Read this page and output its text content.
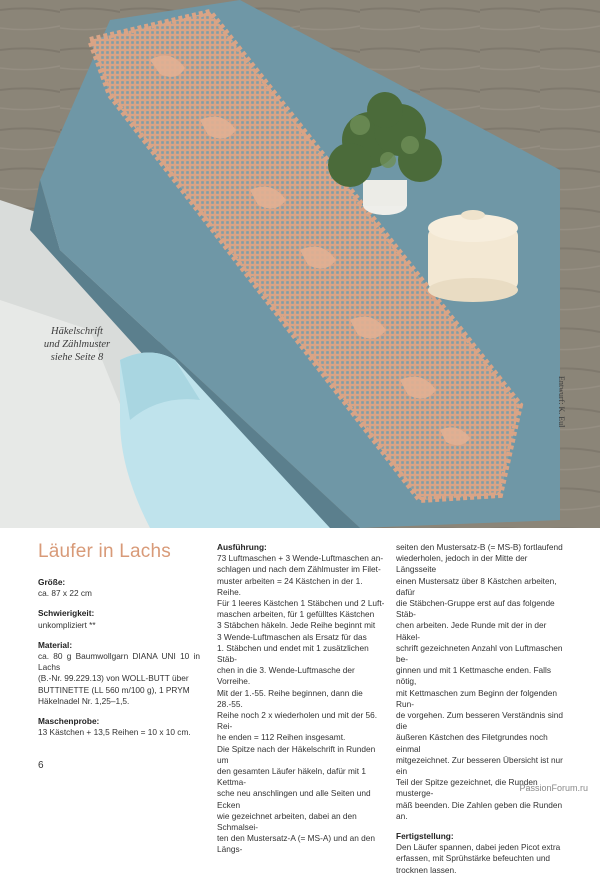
Häkelschrift
und Zählmuster
siehe Seite 8
Entwurf: K. Eul
Läufer in Lachs

Größe:

ca. 87 x 22 cm

Schwierigkeit:

unkompliziert **

Material:

ca. 80 g Baumwollgarn DIANA UNI 10 in Lachs

(B.-Nr. 99.229.13) von WOLL-BUTT über

BUTTINETTE (LL 560 m/100 g), 1 PRYM

Häkelnadel Nr. 1,25–1,5.

Maschenprobe:

13 Kästchen + 13,5 Reihen = 10 x 10 cm.

Ausführung:

73 Luftmaschen + 3 Wende-Luftmaschen an-

schlagen und nach dem Zählmuster im Filet-

muster arbeiten = 24 Kästchen in der 1. Reihe.

Für 1 leeres Kästchen 1 Stäbchen und 2 Luft-

maschen arbeiten, für 1 gefülltes Kästchen

3 Stäbchen häkeln. Jede Reihe beginnt mit

3 Wende-Luftmaschen als Ersatz für das

1. Stäbchen und endet mit 1 zusätzlichen Stäb-

chen in die 3. Wende-Luftmasche der Vorreihe.

Mit der 1.-55. Reihe beginnen, dann die 28.-55.

Reihe noch 2 x wiederholen und mit der 56. Rei-

he enden = 112 Reihen insgesamt.

Die Spitze nach der Häkelschrift in Runden um

den gesamten Läufer häkeln, dafür mit 1 Kettma-

sche neu anschlingen und alle Seiten und Ecken

wie gezeichnet arbeiten, dabei an den Schmalsei-

ten den Mustersatz-A (= MS-A) und an den Längs-

seiten den Mustersatz-B (= MS-B) fortlaufend

wiederholen, jedoch in der Mitte der Längsseite

einen Mustersatz über 8 Kästchen arbeiten, dafür

die Stäbchen-Gruppe erst auf das folgende Stäb-

chen arbeiten. Jede Runde mit der in der Häkel-

schrift gezeichneten Anzahl von Luftmaschen be-

ginnen und mit 1 Kettmasche enden. Falls nötig,

mit Kettmaschen zum Beginn der folgenden Run-

de vorgehen. Zum besseren Verständnis sind die

äußeren Kästchen des Filetgrundes noch einmal

mitgezeichnet. Zur besseren Übersicht ist nur ein

Teil der Spitze gezeichnet, die Runden musterge-

mäß beenden. Die Zahlen geben die Runden an.

Fertigstellung:

Den Läufer spannen, dabei jeden Picot extra

erfassen, mit Sprühstärke befeuchten und

trocknen lassen.

6
PassionForum.ru
